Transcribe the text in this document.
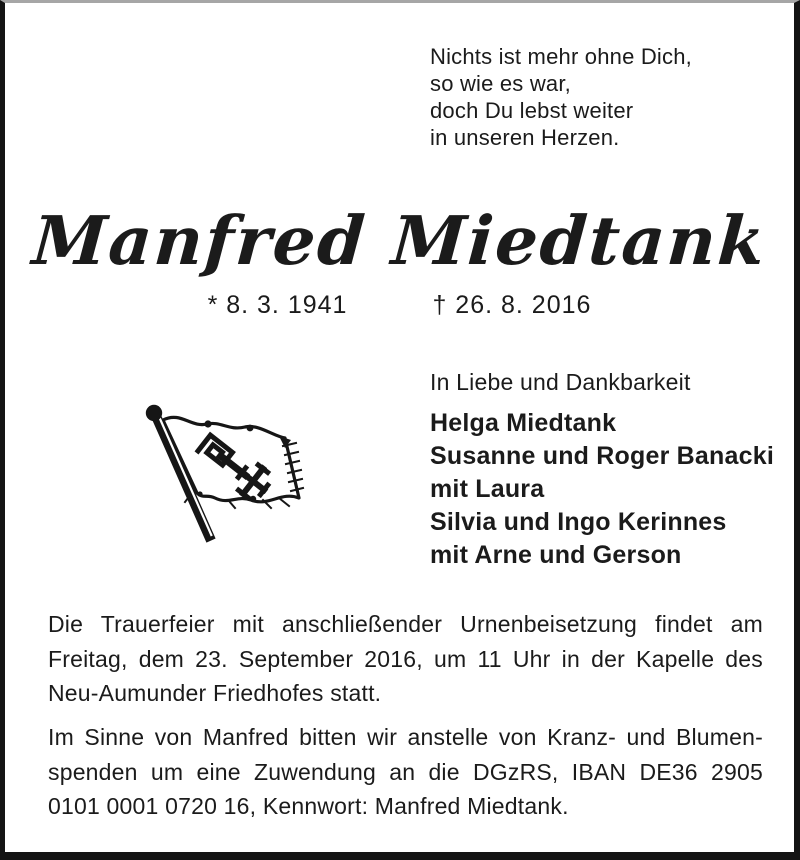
Nichts ist mehr ohne Dich,
so wie es war,
doch Du lebst weiter
in unseren Herzen.
Manfred Miedtank
* 8. 3. 1941	† 26. 8. 2016
In Liebe und Dankbarkeit
Helga Miedtank
Susanne und Roger Banacki
mit Laura
Silvia und Ingo Kerinnes
mit Arne und Gerson
Die Trauerfeier mit anschließender Urnenbeisetzung findet am
Freitag, dem 23. September 2016, um 11 Uhr in der Kapelle des
Neu-Aumunder Friedhofes statt.
Im Sinne von Manfred bitten wir anstelle von Kranz- und Blumen-
spenden um eine Zuwendung an die DGzRS, IBAN DE36 2905
0101 0001 0720 16, Kennwort: Manfred Miedtank.
